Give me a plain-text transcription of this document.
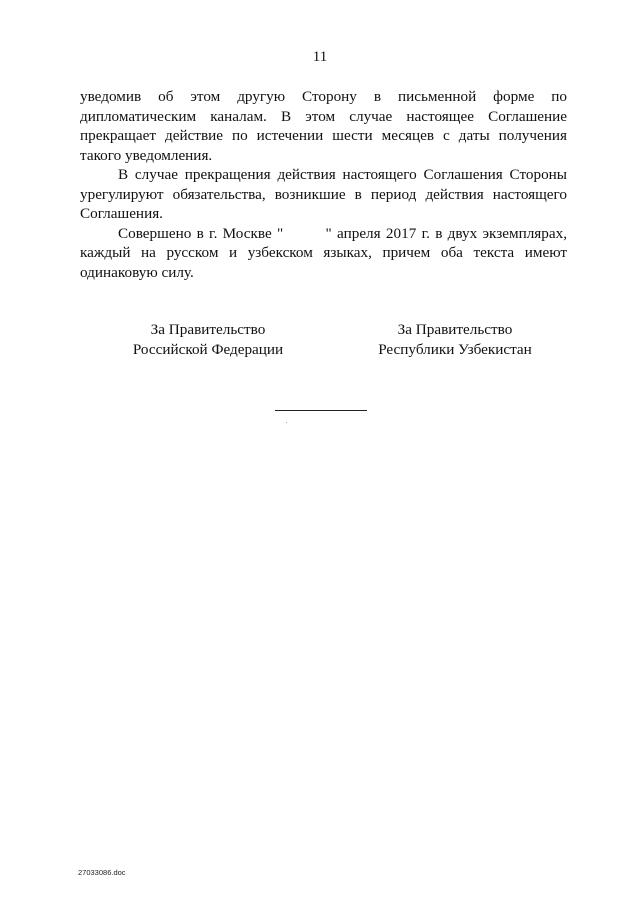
11

уведомив об этом другую Сторону в письменной форме по дипломатическим каналам. В этом случае настоящее Соглашение прекращает действие по истечении шести месяцев с даты получения такого уведомления.

В случае прекращения действия настоящего Соглашения Стороны урегулируют обязательства, возникшие в период действия настоящего Соглашения.

Совершено в г. Москве "        " апреля 2017 г. в двух экземплярах, каждый на русском и узбекском языках, причем оба текста имеют одинаковую силу.

За Правительство
Российской Федерации
За Правительство
Республики Узбекистан
27033086.doc
